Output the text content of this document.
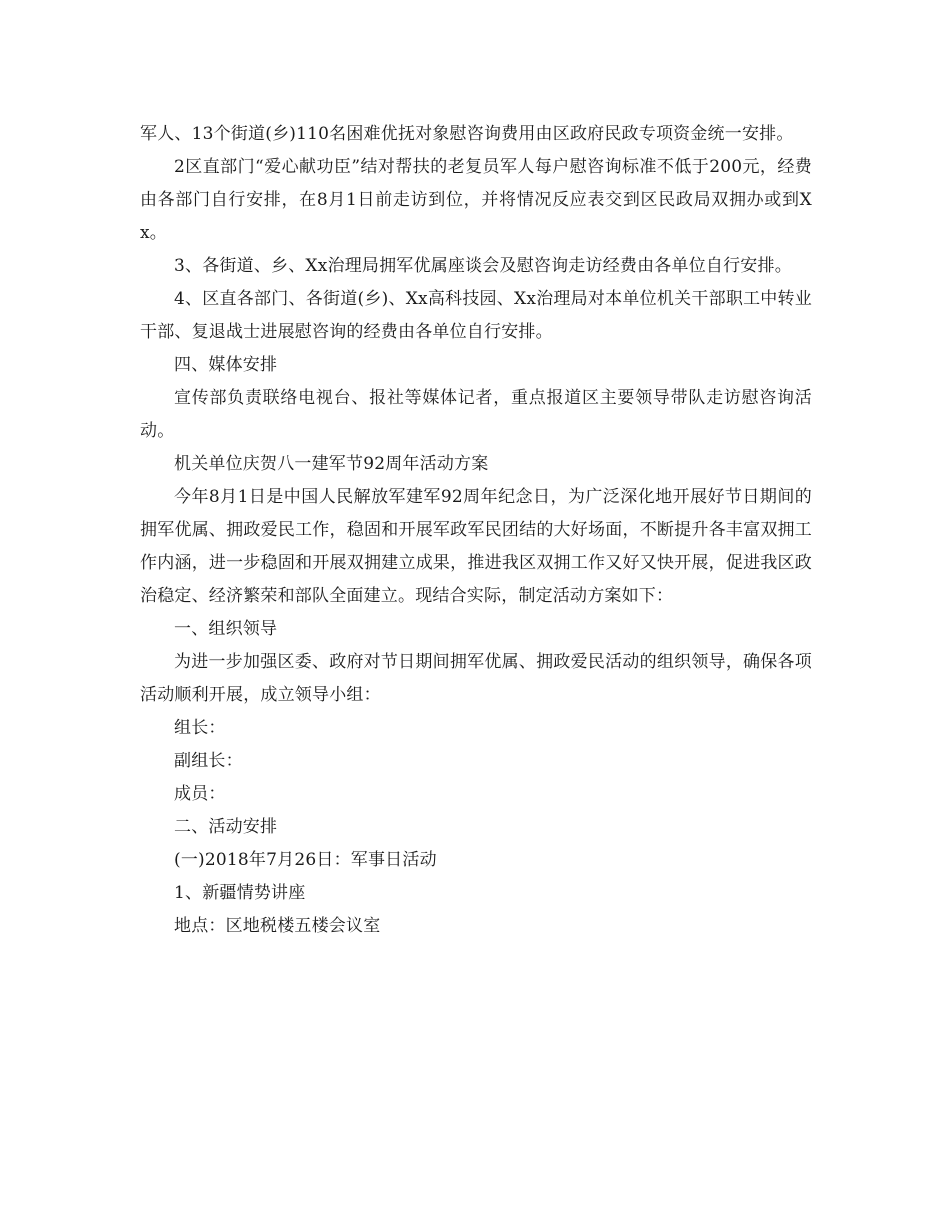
军人、13个街道(乡)110名困难优抚对象慰咨询费用由区政府民政专项资金统一安排。

2区直部门“爱心献功臣”结对帮扶的老复员军人每户慰咨询标准不低于200元，经费由各部门自行安排，在8月1日前走访到位，并将情况反应表交到区民政局双拥办或到Xx。

3、各街道、乡、Xx治理局拥军优属座谈会及慰咨询走访经费由各单位自行安排。

4、区直各部门、各街道(乡)、Xx高科技园、Xx治理局对本单位机关干部职工中转业干部、复退战士进展慰咨询的经费由各单位自行安排。

四、媒体安排

宣传部负责联络电视台、报社等媒体记者，重点报道区主要领导带队走访慰咨询活动。

机关单位庆贺八一建军节92周年活动方案

今年8月1日是中国人民解放军建军92周年纪念日，为广泛深化地开展好节日期间的拥军优属、拥政爱民工作，稳固和开展军政军民团结的大好场面，不断提升各丰富双拥工作内涵，进一步稳固和开展双拥建立成果，推进我区双拥工作又好又快开展，促进我区政治稳定、经济繁荣和部队全面建立。现结合实际，制定活动方案如下：

一、组织领导

为进一步加强区委、政府对节日期间拥军优属、拥政爱民活动的组织领导，确保各项活动顺利开展，成立领导小组：

组长：

副组长：

成员：

二、活动安排

(一)2018年7月26日：军事日活动

1、新疆情势讲座

地点：区地税楼五楼会议室
